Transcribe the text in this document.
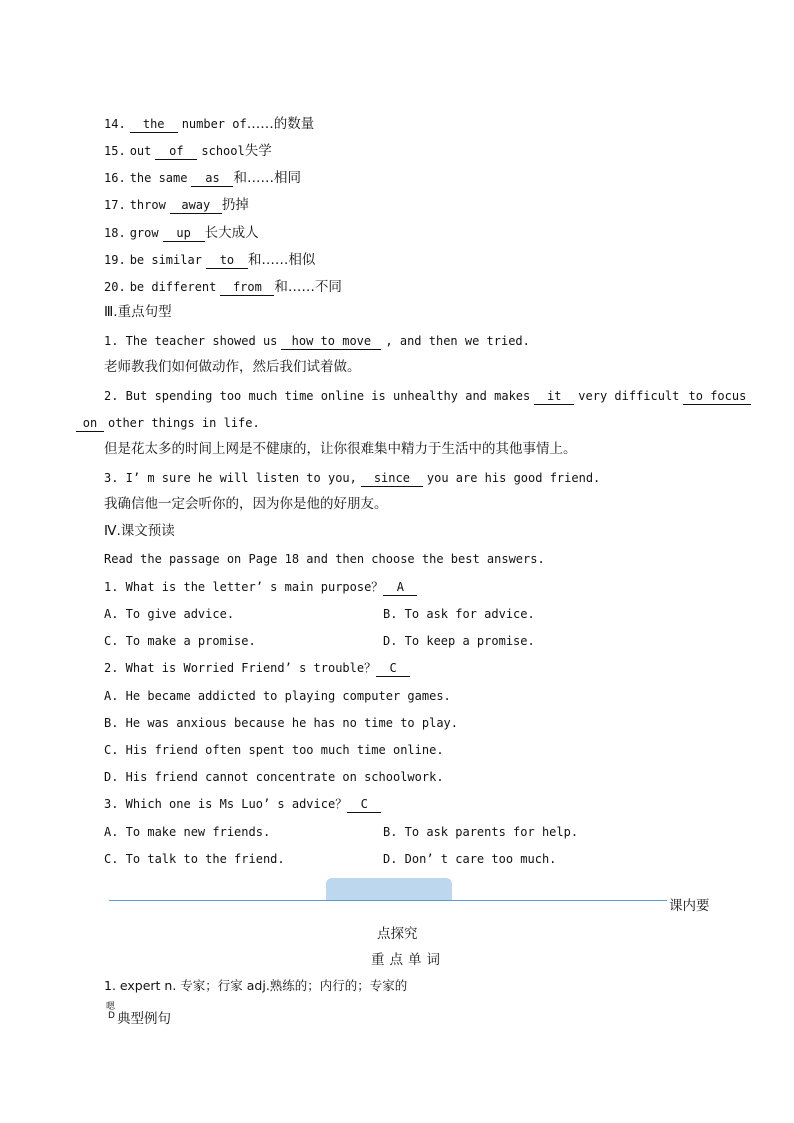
14. the number of……的数量
15. out of school失学
16. the same as 和……相同
17. throw away 扔掉
18. grow up 长大成人
19. be similar to 和……相似
20. be different from 和……不同
Ⅲ.重点句型
1. The teacher showed us how to move , and then we tried.
老师教我们如何做动作，然后我们试着做。
2. But spending too much time online is unhealthy and makes it very difficult to focus
on other things in life.
但是花太多的时间上网是不健康的，让你很难集中精力于生活中的其他事情上。
3. I’ m sure he will listen to you, since you are his good friend.
我确信他一定会听你的，因为你是他的好朋友。
Ⅳ.课文预读
Read the passage on Page 18 and then choose the best answers.
1. What is the letter’ s main purpose？ A
A. To give advice.	B. To ask for advice.
C. To make a promise.	D. To keep a promise.
2. What is Worried Friend’ s trouble？ C
A. He became addicted to playing computer games.
B. He was anxious because he has no time to play.
C. His friend often spent too much time online.
D. His friend cannot concentrate on schoolwork.
3. Which one is Ms Luo’ s advice？ C
A. To make new friends.	B. To ask parents for help.
C. To talk to the friend.	D. Don’ t care too much.
课内要
点探究
重点单词
1. expert n. 专家；行家 adj.熟练的；内行的；专家的
嗯
D 典型例句
